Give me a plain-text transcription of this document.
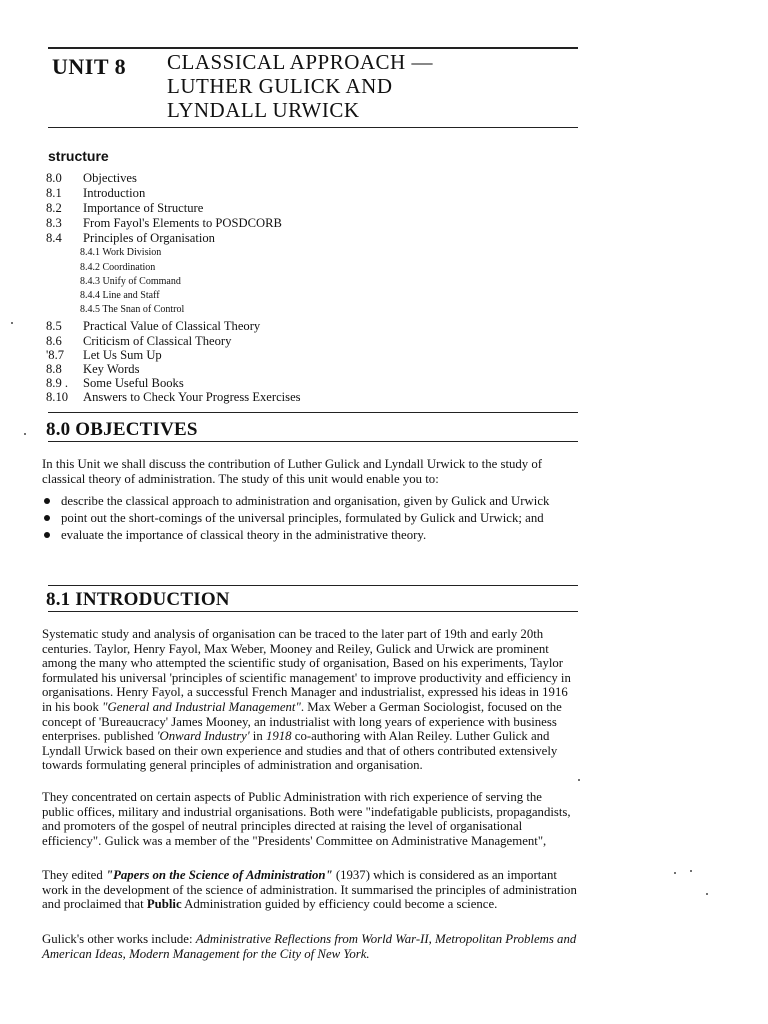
UNIT 8 CLASSICAL APPROACH —
LUTHER GULICK AND
LYNDALL URWICK
structure
8.0 Objectives
8.1 Introduction
8.2 Importance of Structure
8.3 From Fayol's Elements to POSDCORB
8.4 Principles of Organisation
8.4.1 Work Division
8.4.2 Coordination
8.4.3 Unify of Command
8.4.4 Line and Staff
8.4.5 The Snan of Control
8.5 Practical Value of Classical Theory
8.6 Criticism of Classical Theory
'8.7 Let Us Sum Up
8.8 Key Words
8.9 . Some Useful Books
8.10 Answers to Check Your Progress Exercises
8.0 OBJECTIVES
In this Unit we shall discuss the contribution of Luther Gulick and Lyndall Urwick to the study of classical theory of administration. The study of this unit would enable you to:
describe the classical approach to administration and organisation, given by Gulick and Urwick
point out the short-comings of the universal principles, formulated by Gulick and Urwick; and
evaluate the importance of classical theory in the administrative theory.
8.1 INTRODUCTION
Systematic study and analysis of organisation can be traced to the later part of 19th and early 20th centuries. Taylor, Henry Fayol, Max Weber, Mooney and Reiley, Gulick and Urwick are prominent among the many who attempted the scientific study of organisation, Based on his experiments, Taylor formulated his universal 'principles of scientific management' to improve productivity and efficiency in organisations. Henry Fayol, a successful French Manager and industrialist, expressed his ideas in 1916 in his book "General and Industrial Management". Max Weber a German Sociologist, focused on the concept of 'Bureaucracy' James Mooney, an industrialist with long years of experience with business enterprises. published 'Onward Industry' in 1918 co-authoring with Alan Reiley. Luther Gulick and Lyndall Urwick based on their own experience and studies and that of others contributed extensively towards formulating general principles of administration and organisation.
They concentrated on certain aspects of Public Administration with rich experience of serving the public offices, military and industrial organisations. Both were "indefatigable publicists, propagandists, and promoters of the gospel of neutral principles directed at raising the level of organisational efficiency". Gulick was a member of the "Presidents' Committee on Administrative Management",
They edited "Papers on the Science of Administration" (1937) which is considered as an important work in the development of the science of administration. It summarised the principles of administration and proclaimed that Public Administration guided by efficiency could become a science.
Gulick's other works include: Administrative Reflections from World War-II, Metropolitan Problems and American Ideas, Modern Management for the City of New York.
